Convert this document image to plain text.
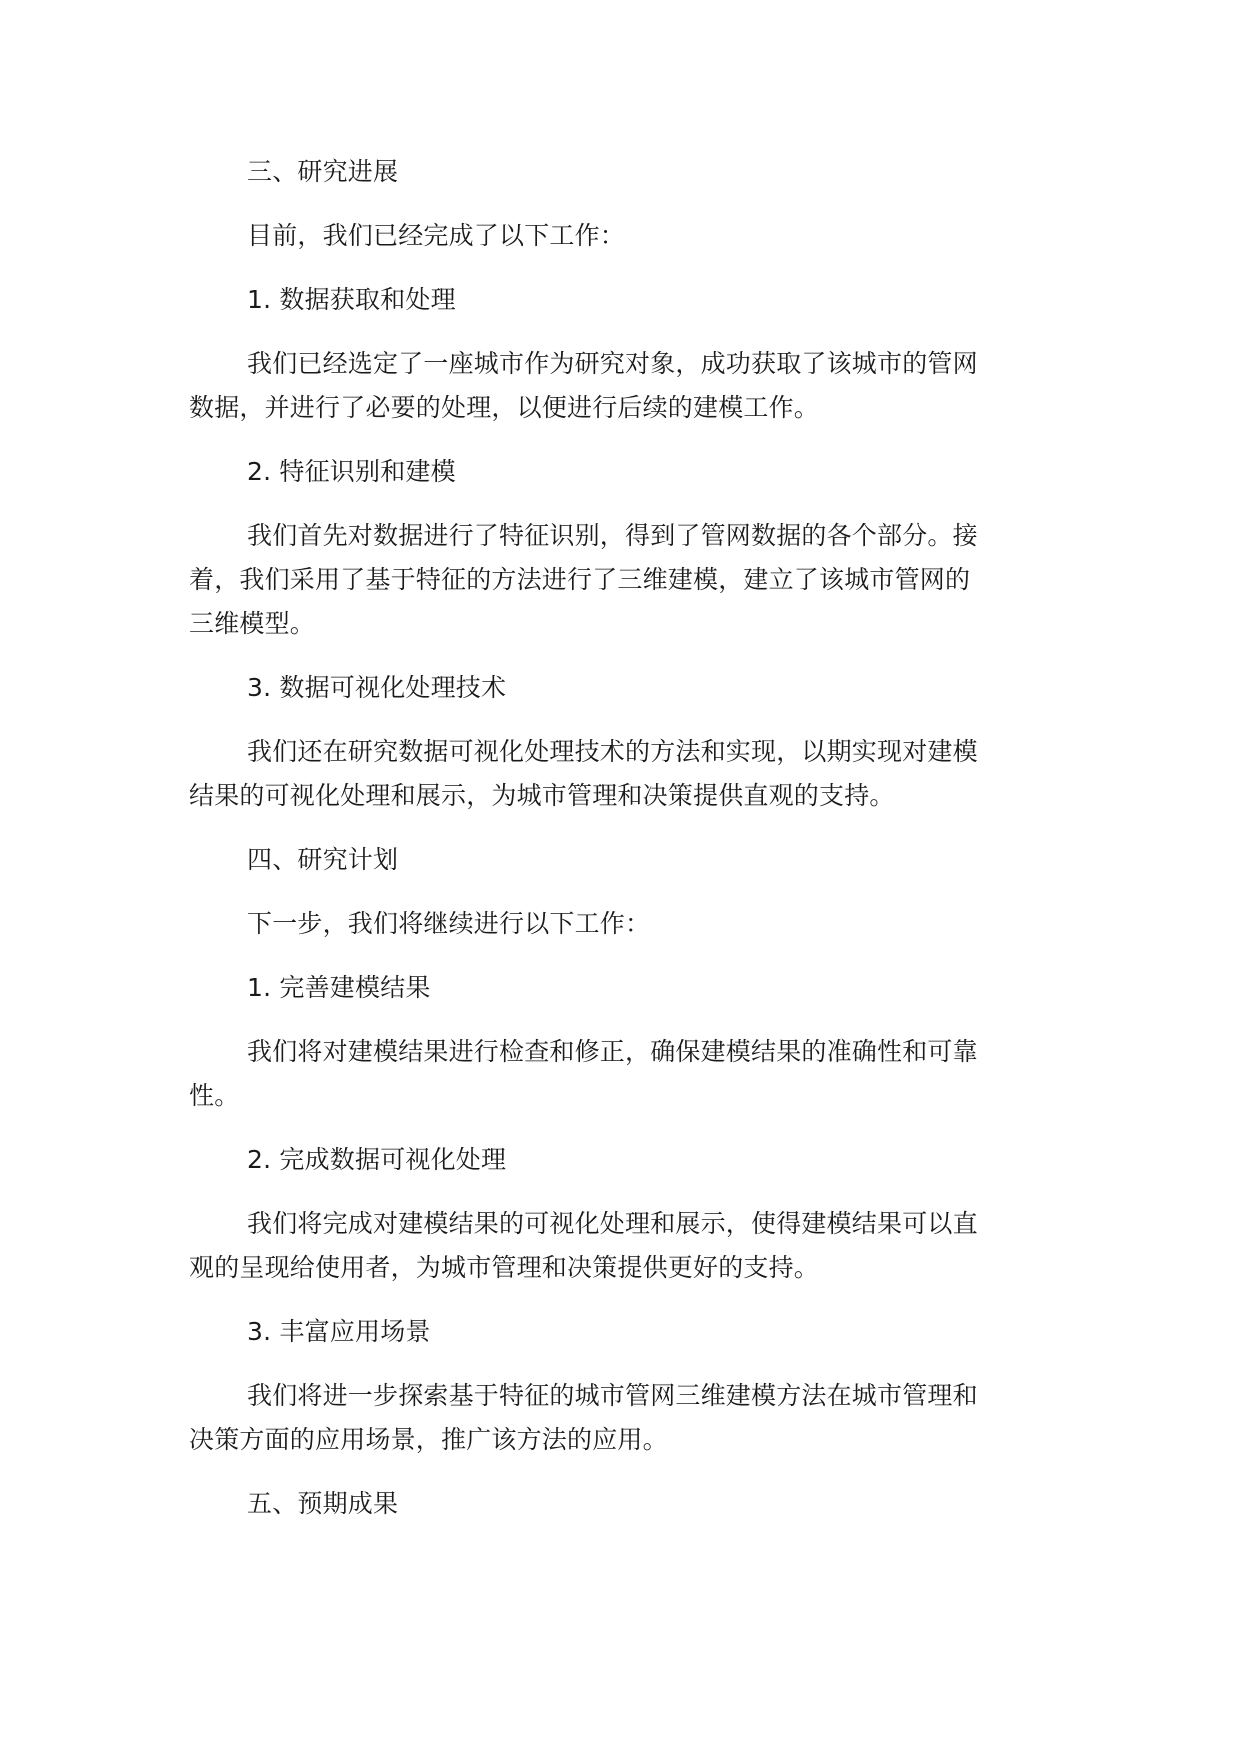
三、研究进展

目前，我们已经完成了以下工作：

1. 数据获取和处理

我们已经选定了一座城市作为研究对象，成功获取了该城市的管网

数据，并进行了必要的处理，以便进行后续的建模工作。

2. 特征识别和建模

我们首先对数据进行了特征识别，得到了管网数据的各个部分。接

着，我们采用了基于特征的方法进行了三维建模，建立了该城市管网的

三维模型。

3. 数据可视化处理技术

我们还在研究数据可视化处理技术的方法和实现，以期实现对建模

结果的可视化处理和展示，为城市管理和决策提供直观的支持。

四、研究计划

下一步，我们将继续进行以下工作：

1. 完善建模结果

我们将对建模结果进行检查和修正，确保建模结果的准确性和可靠

性。

2. 完成数据可视化处理

我们将完成对建模结果的可视化处理和展示，使得建模结果可以直

观的呈现给使用者，为城市管理和决策提供更好的支持。

3. 丰富应用场景

我们将进一步探索基于特征的城市管网三维建模方法在城市管理和

决策方面的应用场景，推广该方法的应用。

五、预期成果
